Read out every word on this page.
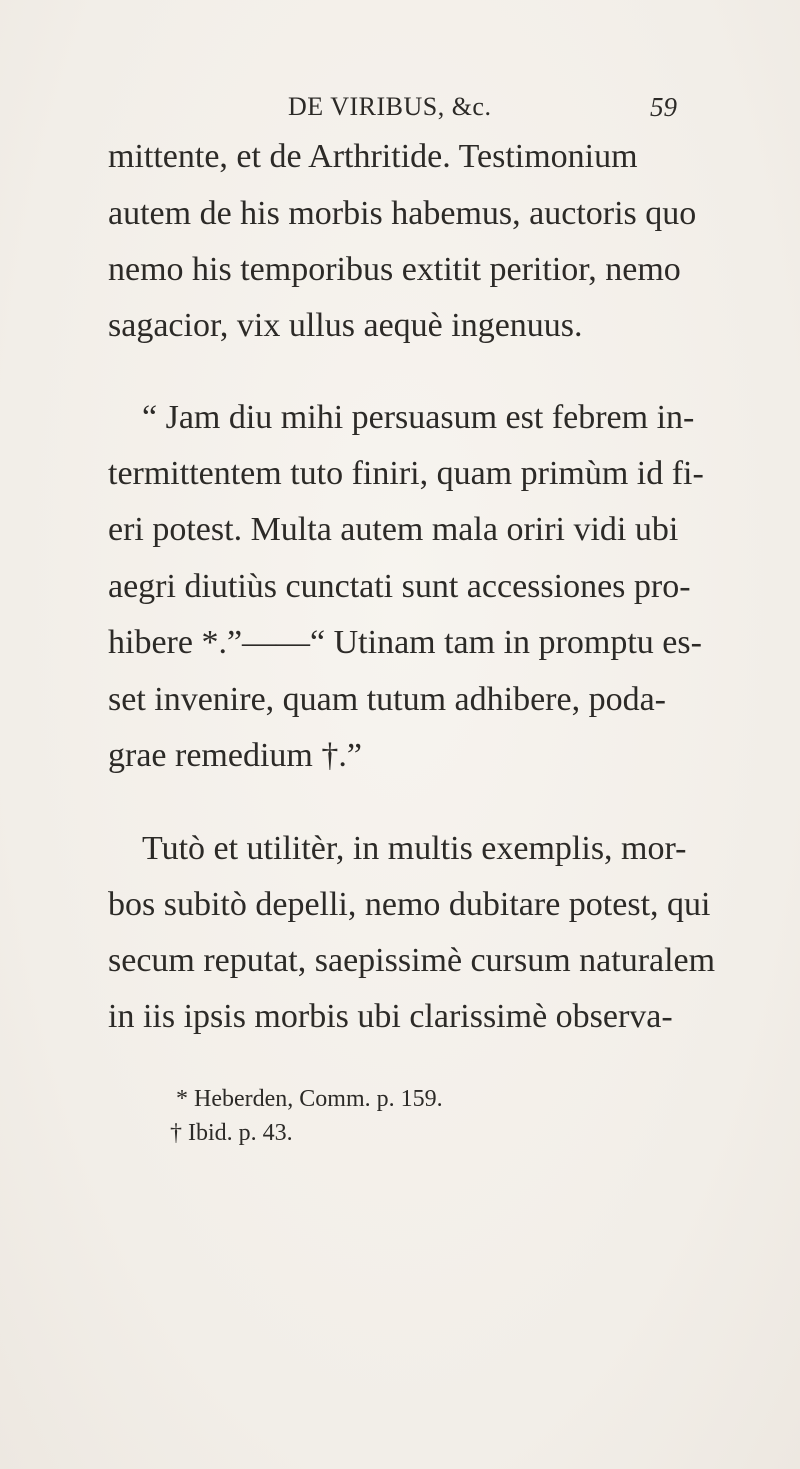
DE VIRIBUS, &c.	59
mittente, et de Arthritide. Testimonium
autem de his morbis habemus, auctoris quo
nemo his temporibus extitit peritior, nemo
sagacior, vix ullus aequè ingenuus.
“ Jam diu mihi persuasum est febrem in-
termittentem tuto finiri, quam primùm id fi-
eri potest. Multa autem mala oriri vidi ubi
aegri diutiùs cunctati sunt accessiones pro-
hibere *.”——“ Utinam tam in promptu es-
set invenire, quam tutum adhibere, poda-
grae remedium †.”
Tutò et utilitèr, in multis exemplis, mor-
bos subitò depelli, nemo dubitare potest, qui
secum reputat, saepissimè cursum naturalem
in iis ipsis morbis ubi clarissimè observa-
* Heberden, Comm. p. 159.
† Ibid. p. 43.
